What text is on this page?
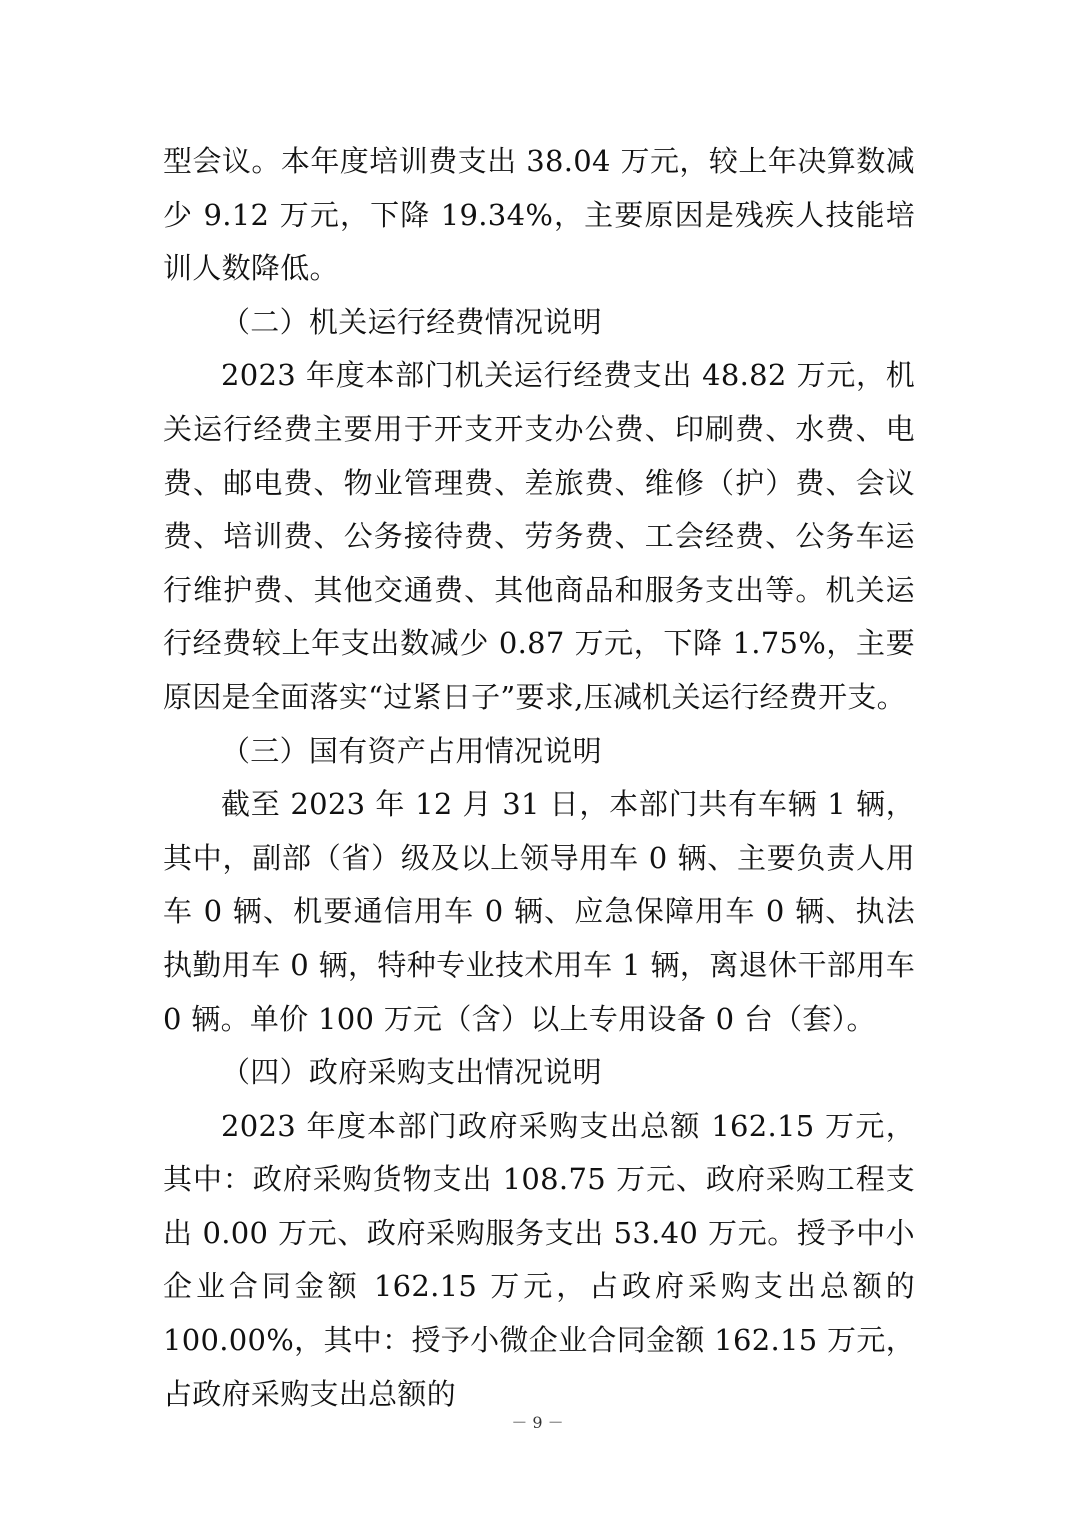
型会议。本年度培训费支出 38.04 万元，较上年决算数减少 9.12 万元，下降 19.34%，主要原因是残疾人技能培训人数降低。

（二）机关运行经费情况说明

2023 年度本部门机关运行经费支出 48.82 万元，机关运行经费主要用于开支开支办公费、印刷费、水费、电费、邮电费、物业管理费、差旅费、维修（护）费、会议费、培训费、公务接待费、劳务费、工会经费、公务车运行维护费、其他交通费、其他商品和服务支出等。机关运行经费较上年支出数减少 0.87 万元，下降 1.75%，主要原因是全面落实“过紧日子”要求,压减机关运行经费开支。

（三）国有资产占用情况说明

截至 2023 年 12 月 31 日，本部门共有车辆 1 辆，其中，副部（省）级及以上领导用车 0 辆、主要负责人用车 0 辆、机要通信用车 0 辆、应急保障用车 0 辆、执法执勤用车 0 辆，特种专业技术用车 1 辆，离退休干部用车 0 辆。单价 100 万元（含）以上专用设备 0 台（套）。

（四）政府采购支出情况说明

2023 年度本部门政府采购支出总额 162.15 万元，其中：政府采购货物支出 108.75 万元、政府采购工程支出 0.00 万元、政府采购服务支出 53.40 万元。授予中小企业合同金额 162.15 万元，占政府采购支出总额的 100.00%，其中：授予小微企业合同金额 162.15 万元，占政府采购支出总额的

－ 9 －
